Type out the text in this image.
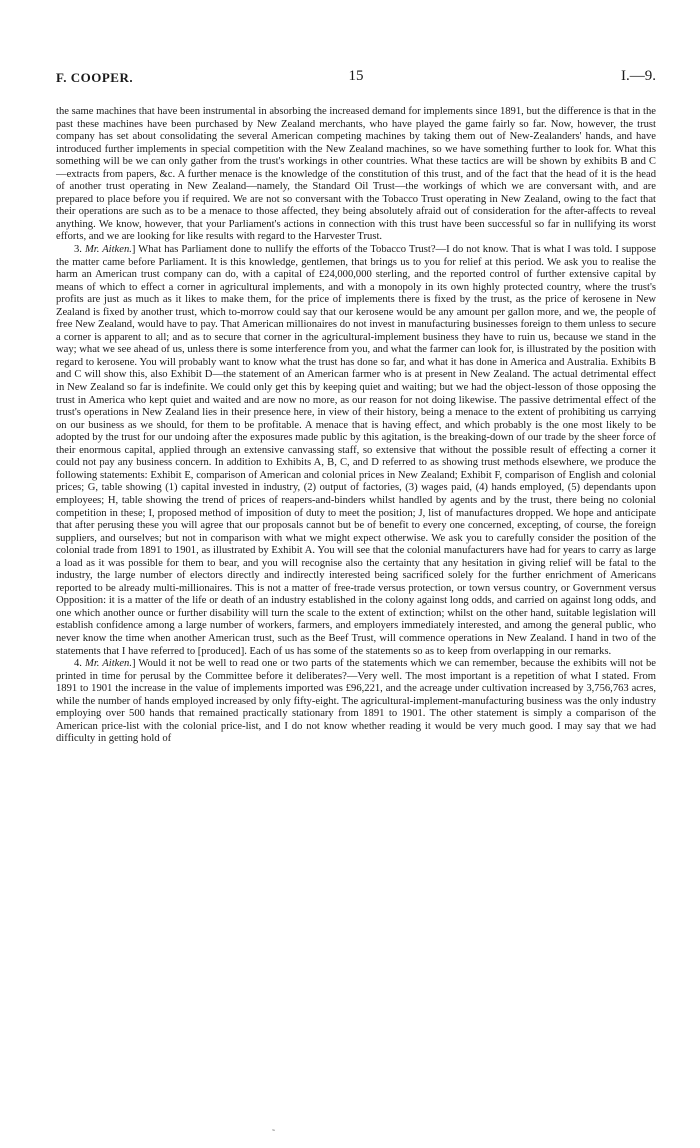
F. COOPER.	15	I.—9.

the same machines that have been instrumental in absorbing the increased demand for implements since 1891, but the difference is that in the past these machines have been purchased by New Zealand merchants, who have played the game fairly so far. Now, however, the trust company has set about consolidating the several American competing machines by taking them out of New-Zealanders' hands, and have introduced further implements in special competition with the New Zealand machines, so we have something further to look for. What this something will be we can only gather from the trust's workings in other countries. What these tactics are will be shown by exhibits B and C—extracts from papers, &c. A further menace is the knowledge of the constitution of this trust, and of the fact that the head of it is the head of another trust operating in New Zealand—namely, the Standard Oil Trust—the workings of which we are conversant with, and are prepared to place before you if required. We are not so conversant with the Tobacco Trust operating in New Zealand, owing to the fact that their operations are such as to be a menace to those affected, they being absolutely afraid out of consideration for the after-affects to reveal anything. We know, however, that your Parliament's actions in connection with this trust have been successful so far in nullifying its worst efforts, and we are looking for like results with regard to the Harvester Trust.

3. Mr. Aitken.] What has Parliament done to nullify the efforts of the Tobacco Trust?—I do not know. That is what I was told. I suppose the matter came before Parliament. It is this knowledge, gentlemen, that brings us to you for relief at this period. We ask you to realise the harm an American trust company can do, with a capital of £24,000,000 sterling, and the reported control of further extensive capital by means of which to effect a corner in agricultural implements, and with a monopoly in its own highly protected country, where the trust's profits are just as much as it likes to make them, for the price of implements there is fixed by the trust, as the price of kerosene in New Zealand is fixed by another trust, which to-morrow could say that our kerosene would be any amount per gallon more, and we, the people of free New Zealand, would have to pay. That American millionaires do not invest in manufacturing businesses foreign to them unless to secure a corner is apparent to all; and as to secure that corner in the agricultural-implement business they have to ruin us, because we stand in the way; what we see ahead of us, unless there is some interference from you, and what the farmer can look for, is illustrated by the position with regard to kerosene. You will probably want to know what the trust has done so far, and what it has done in America and Australia. Exhibits B and C will show this, also Exhibit D—the statement of an American farmer who is at present in New Zealand. The actual detrimental effect in New Zealand so far is indefinite. We could only get this by keeping quiet and waiting; but we had the object-lesson of those opposing the trust in America who kept quiet and waited and are now no more, as our reason for not doing likewise. The passive detrimental effect of the trust's operations in New Zealand lies in their presence here, in view of their history, being a menace to the extent of prohibiting us carrying on our business as we should, for them to be profitable. A menace that is having effect, and which probably is the one most likely to be adopted by the trust for our undoing after the exposures made public by this agitation, is the breaking-down of our trade by the sheer force of their enormous capital, applied through an extensive canvassing staff, so extensive that without the possible result of effecting a corner it could not pay any business concern. In addition to Exhibits A, B, C, and D referred to as showing trust methods elsewhere, we produce the following statements: Exhibit E, comparison of American and colonial prices in New Zealand; Exhibit F, comparison of English and colonial prices; G, table showing (1) capital invested in industry, (2) output of factories, (3) wages paid, (4) hands employed, (5) dependants upon employees; H, table showing the trend of prices of reapers-and-binders whilst handled by agents and by the trust, there being no colonial competition in these; I, proposed method of imposition of duty to meet the position; J, list of manufactures dropped. We hope and anticipate that after perusing these you will agree that our proposals cannot but be of benefit to every one concerned, excepting, of course, the foreign suppliers, and ourselves; but not in comparison with what we might expect otherwise. We ask you to carefully consider the position of the colonial trade from 1891 to 1901, as illustrated by Exhibit A. You will see that the colonial manufacturers have had for years to carry as large a load as it was possible for them to bear, and you will recognise also the certainty that any hesitation in giving relief will be fatal to the industry, the large number of electors directly and indirectly interested being sacrificed solely for the further enrichment of Americans reported to be already multi-millionaires. This is not a matter of free-trade versus protection, or town versus country, or Government versus Opposition: it is a matter of the life or death of an industry established in the colony against long odds, and carried on against long odds, and one which another ounce or further disability will turn the scale to the extent of extinction; whilst on the other hand, suitable legislation will establish confidence among a large number of workers, farmers, and employers immediately interested, and among the general public, who never know the time when another American trust, such as the Beef Trust, will commence operations in New Zealand. I hand in two of the statements that I have referred to [produced]. Each of us has some of the statements so as to keep from overlapping in our remarks.

4. Mr. Aitken.] Would it not be well to read one or two parts of the statements which we can remember, because the exhibits will not be printed in time for perusal by the Committee before it deliberates?—Very well. The most important is a repetition of what I stated. From 1891 to 1901 the increase in the value of implements imported was £96,221, and the acreage under cultivation increased by 3,756,763 acres, while the number of hands employed increased by only fifty-eight. The agricultural-implement-manufacturing business was the only industry employing over 500 hands that remained practically stationary from 1891 to 1901. The other statement is simply a comparison of the American price-list with the colonial price-list, and I do not know whether reading it would be very much good. I may say that we had difficulty in getting hold of

˜
